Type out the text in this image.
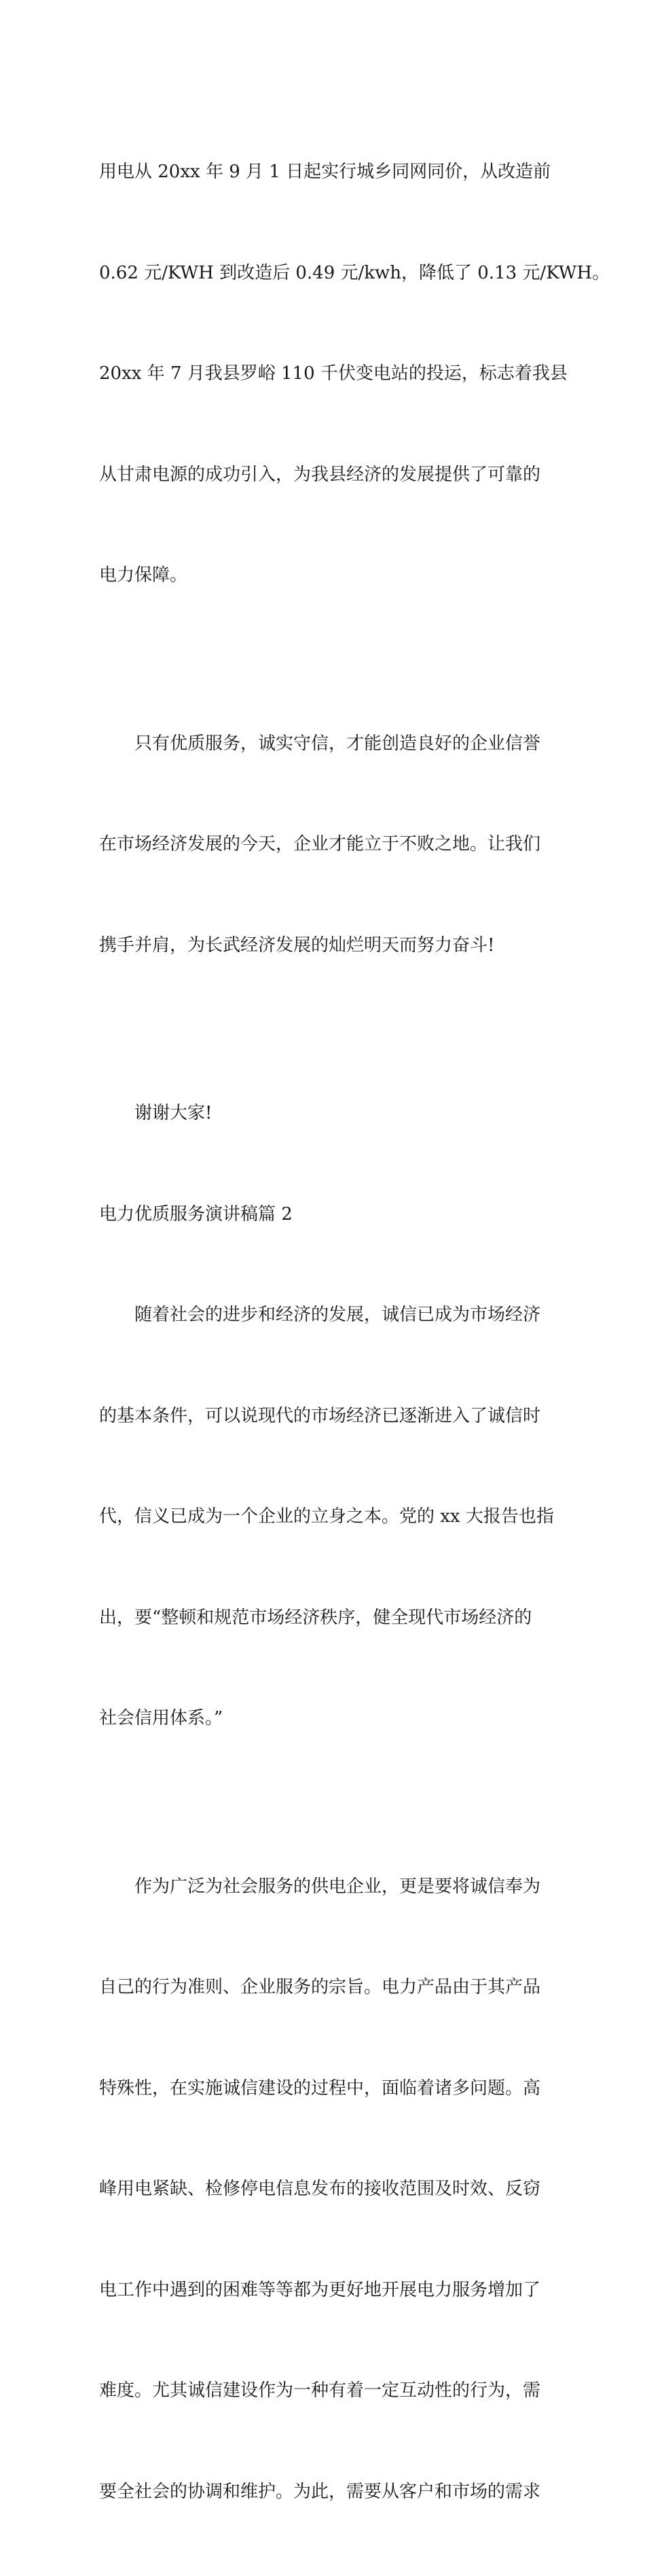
用电从 20xx 年 9 月 1 日起实行城乡同网同价，从改造前

0.62 元/KWH 到改造后 0.49 元/kwh，降低了 0.13 元/KWH。

20xx 年 7 月我县罗峪 110 千伏变电站的投运，标志着我县

从甘肃电源的成功引入，为我县经济的发展提供了可靠的

电力保障。

　　只有优质服务，诚实守信，才能创造良好的企业信誉

在市场经济发展的今天，企业才能立于不败之地。让我们

携手并肩，为长武经济发展的灿烂明天而努力奋斗!

　　谢谢大家!

电力优质服务演讲稿篇 2

　　随着社会的进步和经济的发展，诚信已成为市场经济

的基本条件，可以说现代的市场经济已逐渐进入了诚信时

代，信义已成为一个企业的立身之本。党的 xx 大报告也指

出，要“整顿和规范市场经济秩序，健全现代市场经济的

社会信用体系。”

　　作为广泛为社会服务的供电企业，更是要将诚信奉为

自己的行为准则、企业服务的宗旨。电力产品由于其产品

特殊性，在实施诚信建设的过程中，面临着诸多问题。高

峰用电紧缺、检修停电信息发布的接收范围及时效、反窃

电工作中遇到的困难等等都为更好地开展电力服务增加了

难度。尤其诚信建设作为一种有着一定互动性的行为，需

要全社会的协调和维护。为此，需要从客户和市场的需求
